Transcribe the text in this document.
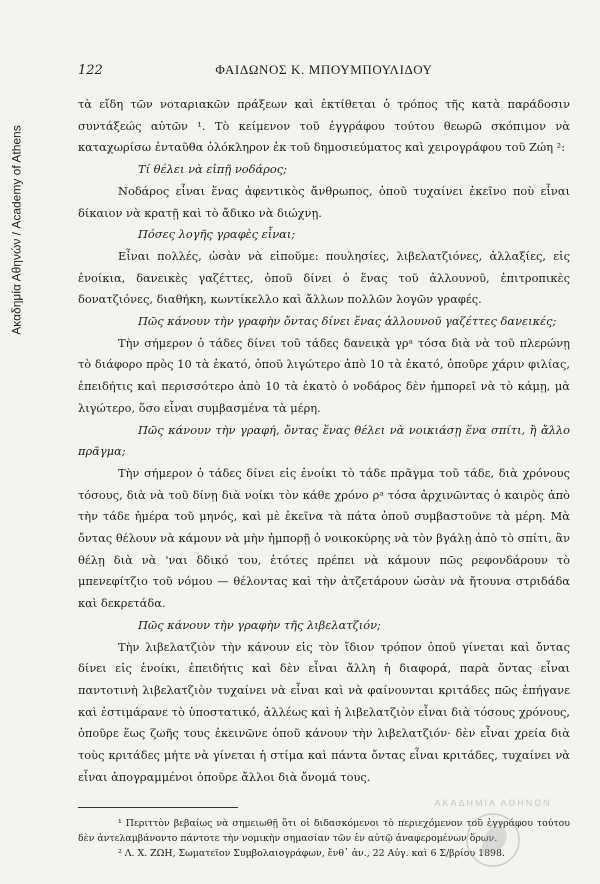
Ακαδημία Αθηνών / Academy of Athens
122	ΦΑΙΔΩΝΟΣ Κ. ΜΠΟΥΜΠΟΥΛΙΔΟΥ

τὰ εἴδη τῶν νοταριακῶν πράξεων καὶ ἐκτίθεται ὁ τρόπος τῆς κατὰ παράδοσιν συντάξεώς αὐτῶν ¹. Τὸ κείμενον τοῦ ἐγγράφου τούτου θεωρῶ σκόπιμον νὰ καταχωρίσω ἐνταῦθα ὁλόκληρον ἐκ τοῦ δημοσιεύματος καὶ χειρογράφου τοῦ Ζώη ²:

Τί θέλει νὰ εἰπῇ νοδάρος;

Νοδάρος εἶναι ἕνας ἀφεντικὸς ἄνθρωπος, ὁποῦ τυχαίνει ἐκεῖνο ποὺ εἶναι δίκαιον νὰ κρατῇ καὶ τὸ ἄδικο νὰ διώχνῃ.

Πόσες λογῆς γραφὲς εἶναι;

Εἶναι πολλές, ὡσὰν νὰ εἰποῦμε: πουλησίες, λιβελατζιόνες, ἀλλαξίες, εἰς ἐνοίκια, δανεικὲς γαζέττες, ὁποῦ δίνει ὁ ἕνας τοῦ ἀλλουνοῦ, ἐπιτροπικὲς δονατζιόνες, διαθήκη, κωντίκελλο καὶ ἄλλων πολλῶν λογῶν γραφές.

Πῶς κάνουν τὴν γραφὴν ὄντας δίνει ἕνας ἀλλουνοῦ γαζέττες δανεικές;

Τὴν σήμερον ὁ τάδες δίνει τοῦ τάδες δανεικὰ γρᵃ τόσα διὰ νὰ τοῦ πλερώνῃ τὸ διάφορο πρὸς 10 τὰ ἑκατό, ὁποῦ λιγώτερο ἀπὸ 10 τὰ ἑκατό, ὁποῦρε χάριν φιλίας, ἐπειδήτις καὶ περισσότερο ἀπὸ 10 τὰ ἑκατὸ ὁ νοδάρος δὲν ἠμπορεῖ νὰ τὸ κάμῃ, μὰ λιγώτερο, ὅσο εἶναι συμβασμένα τὰ μέρη.

Πῶς κάνουν τὴν γραφή, ὄντας ἕνας θέλει νὰ νοικιάσῃ ἕνα σπίτι, ἢ ἄλλο πρᾶγμα;

Τὴν σήμερον ὁ τάδες δίνει εἰς ἐνοίκι τὸ τάδε πρᾶγμα τοῦ τάδε, διὰ χρόνους τόσους, διὰ νὰ τοῦ δίνῃ διὰ νοίκι τὸν κάθε χρόνο ρᵃ τόσα ἀρχινῶντας ὁ καιρὸς ἀπὸ τὴν τάδε ἡμέρα τοῦ μηνός, καὶ μὲ ἐκεῖνα τὰ πάτα ὁποῦ συμβαστοῦνε τὰ μέρη. Μὰ ὄντας θέλουν νὰ κάμουν νὰ μὴν ἠμπορῇ ὁ νοικοκύρης νὰ τὸν βγάλῃ ἀπὸ τὸ σπίτι, ἂν θέλῃ διὰ νὰ 'ναι δδικό του, ἐτότες πρέπει νὰ κάμουν πῶς ρεφονδάρουν τὸ μπενεφίτζιο τοῦ νόμου — θέλοντας καὶ τὴν ἀτζετάρουν ὡσὰν νὰ ἤτουνα στριδάδα καὶ δεκρετάδα.

Πῶς κάνουν τὴν γραφὴν τῆς λιβελατζιόν;

Τὴν λιβελατζιὸν τὴν κάνουν εἰς τὸν ἴδιον τρόπον ὁποῦ γίνεται καὶ ὄντας δίνει εἰς ἐνοίκι, ἐπειδήτις καὶ δὲν εἶναι ἄλλη ἡ διαφορά, παρὰ ὄντας εἶναι παντοτινὴ λιβελατζιὸν τυχαίνει νὰ εἶναι καὶ νὰ φαίνουνται κριτάδες πῶς ἐπήγανε καὶ ἐστιμάρανε τὸ ὑποστατικό, ἀλλέως καὶ ἡ λιβελατζιὸν εἶναι διὰ τόσους χρόνους, ὁποῦρε ἕως ζωῆς τους ἐκεινῶνε ὁποῦ κάνουν τὴν λιβελατζιόν· δὲν εἶναι χρεία διὰ τοὺς κριτάδες μήτε νὰ γίνεται ἡ στίμα καὶ πάντα ὄντας εἶναι κριτάδες, τυχαίνει νὰ εἶναι ἀπογραμμένοι ὁποῦρε ἄλλοι διὰ ὄνομά τους.

¹ Περιττὸν βεβαίως νὰ σημειωθῇ ὅτι οἱ διδασκόμενοι τὸ περιεχόμενον τοῦ ἐγγράφου τούτου δὲν ἀντελαμβάνοντο πάντοτε τὴν νομικὴν σημασίαν τῶν ἐν αὐτῷ ἀναφερομένων ὅρων.

² Λ. Χ. ΖΩΗ, Σωματεῖον Συμβολαιογράφων, ἔνθ᾽ ἀν., 22 Αὐγ. καὶ 6 Σ/βρίου 1898.

ΑΚΑΔΗΜΙΑ ΑΘΗΝΩΝ
